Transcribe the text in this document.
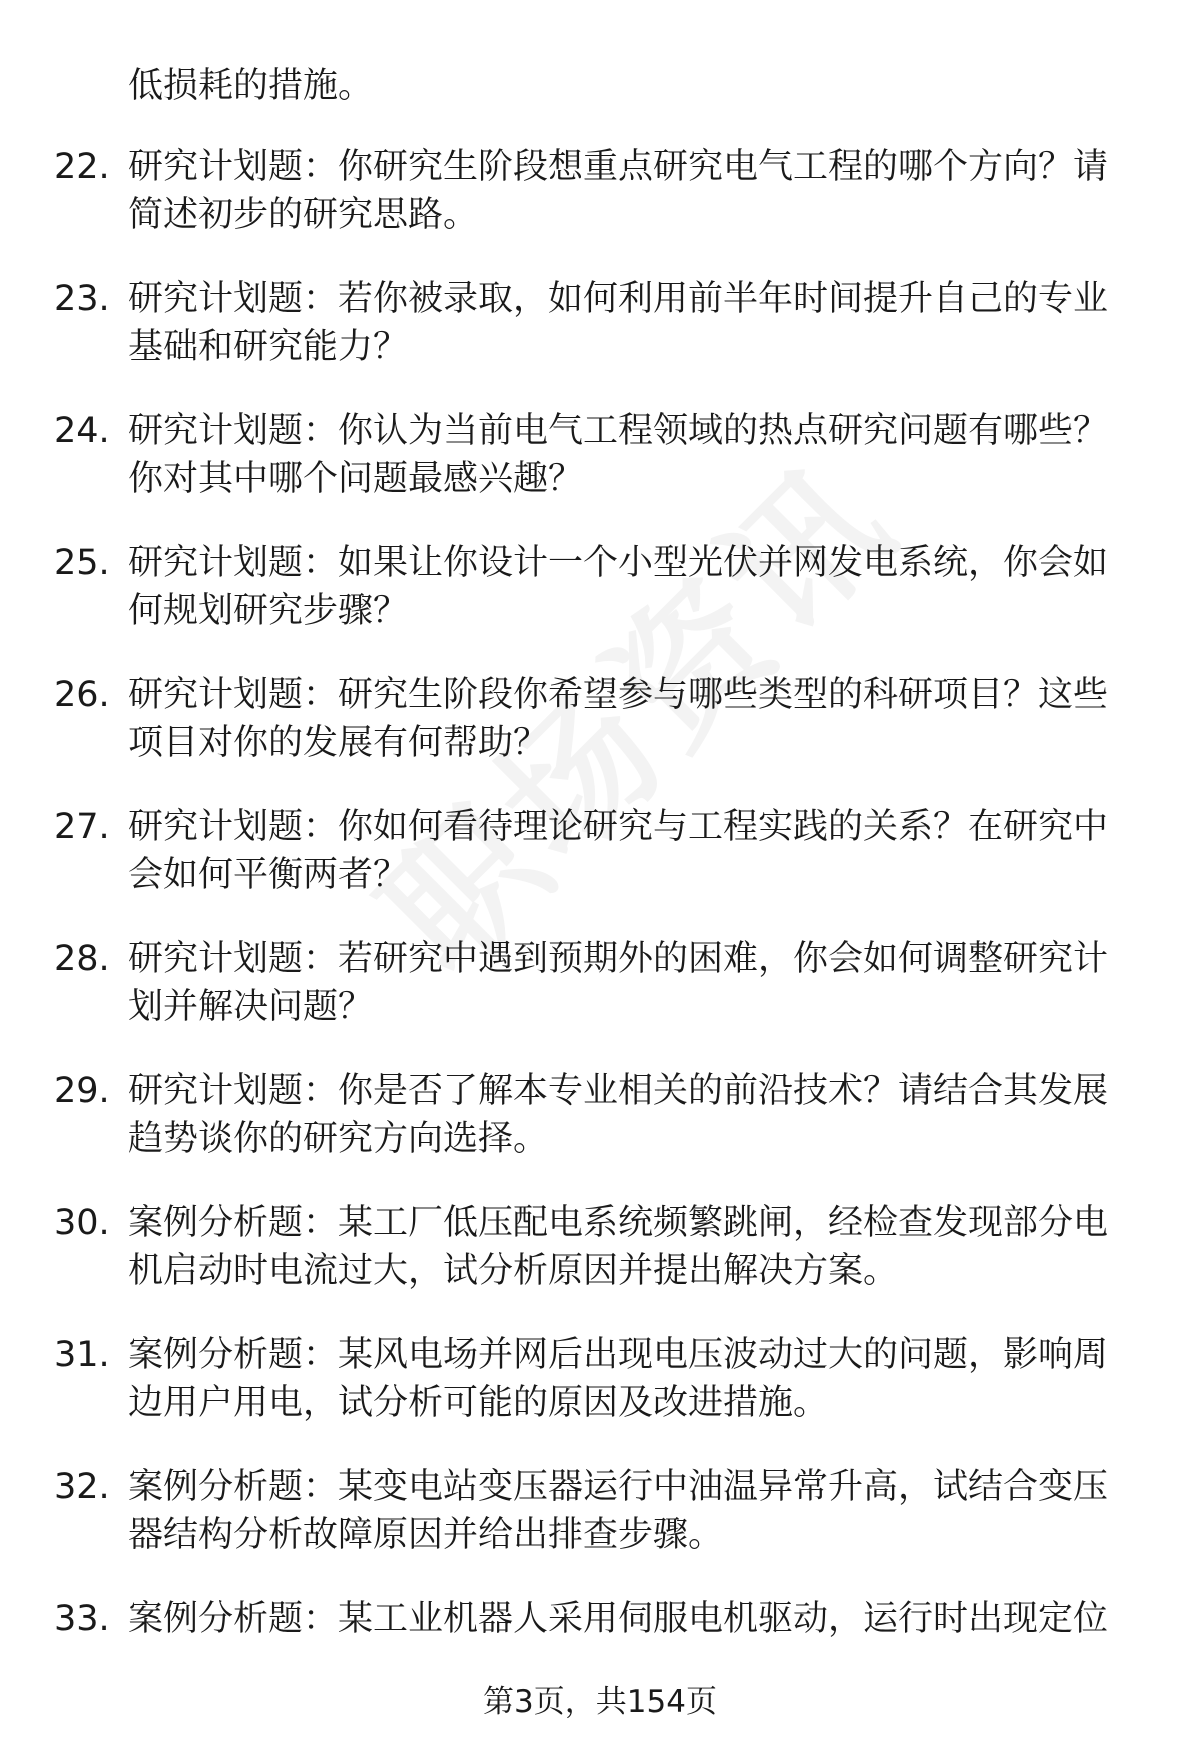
低损耗的措施。
22. 研究计划题：你研究生阶段想重点研究电气工程的哪个方向？请简述初步的研究思路。
23. 研究计划题：若你被录取，如何利用前半年时间提升自己的专业基础和研究能力？
24. 研究计划题：你认为当前电气工程领域的热点研究问题有哪些？你对其中哪个问题最感兴趣？
25. 研究计划题：如果让你设计一个小型光伏并网发电系统，你会如何规划研究步骤？
26. 研究计划题：研究生阶段你希望参与哪些类型的科研项目？这些项目对你的发展有何帮助？
27. 研究计划题：你如何看待理论研究与工程实践的关系？在研究中会如何平衡两者？
28. 研究计划题：若研究中遇到预期外的困难，你会如何调整研究计划并解决问题？
29. 研究计划题：你是否了解本专业相关的前沿技术？请结合其发展趋势谈你的研究方向选择。
30. 案例分析题：某工厂低压配电系统频繁跳闸，经检查发现部分电机启动时电流过大，试分析原因并提出解决方案。
31. 案例分析题：某风电场并网后出现电压波动过大的问题，影响周边用户用电，试分析可能的原因及改进措施。
32. 案例分析题：某变电站变压器运行中油温异常升高，试结合变压器结构分析故障原因并给出排查步骤。
33. 案例分析题：某工业机器人采用伺服电机驱动，运行时出现定位
第3页，共154页
